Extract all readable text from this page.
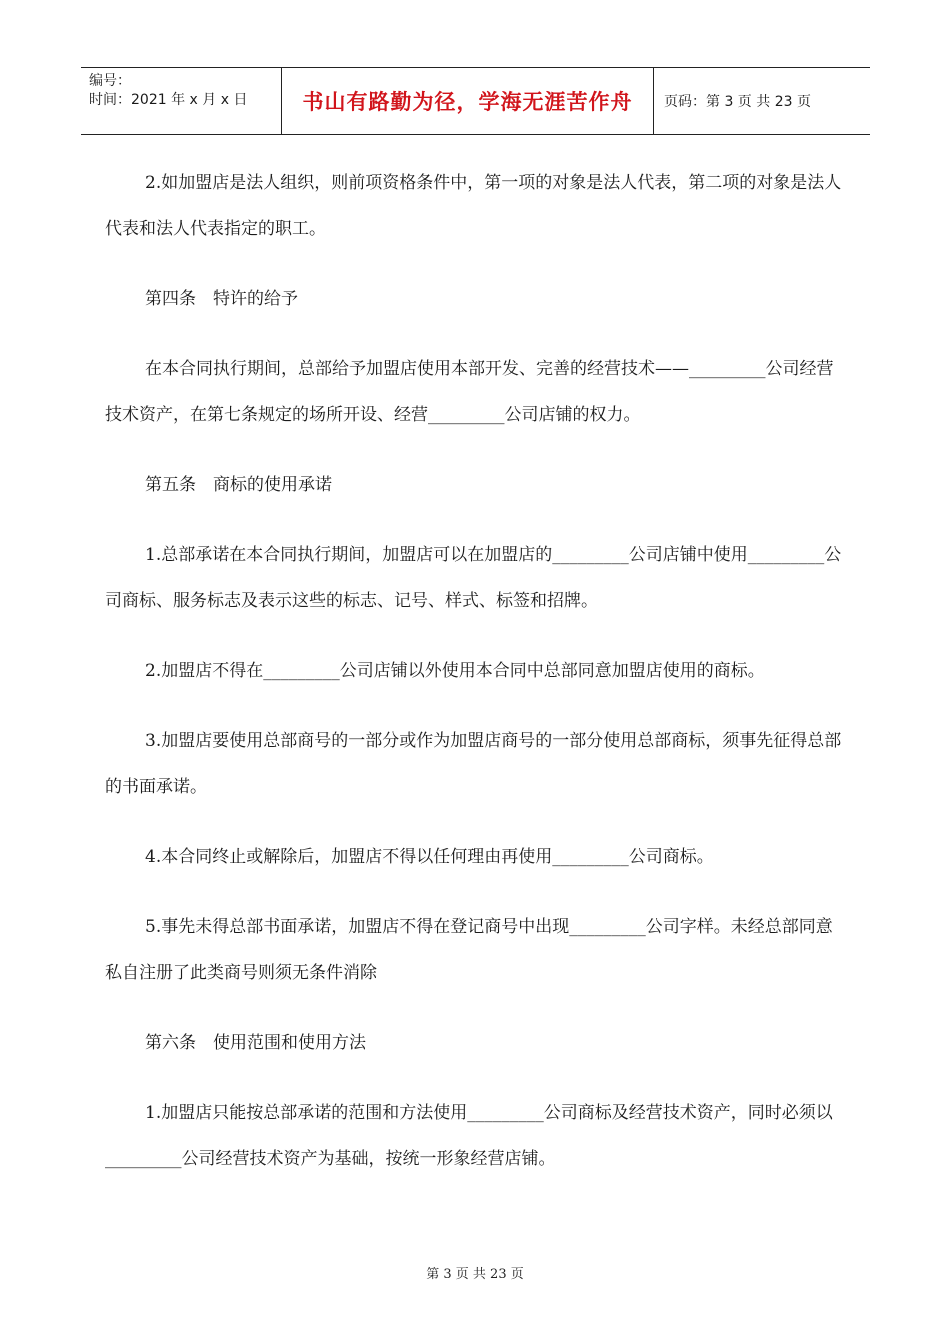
编号：
时间：2021 年 x 月 x 日	书山有路勤为径，学海无涯苦作舟 页码：第 3 页 共 23 页

2.如加盟店是法人组织，则前项资格条件中，第一项的对象是法人代表，第二项的对象是法人代表和法人代表指定的职工。

第四条　特许的给予

在本合同执行期间，总部给予加盟店使用本部开发、完善的经营技术——_________公司经营技术资产，在第七条规定的场所开设、经营_________公司店铺的权力。

第五条　商标的使用承诺

1.总部承诺在本合同执行期间，加盟店可以在加盟店的_________公司店铺中使用_________公司商标、服务标志及表示这些的标志、记号、样式、标签和招牌。

2.加盟店不得在_________公司店铺以外使用本合同中总部同意加盟店使用的商标。

3.加盟店要使用总部商号的一部分或作为加盟店商号的一部分使用总部商标，须事先征得总部的书面承诺。

4.本合同终止或解除后，加盟店不得以任何理由再使用_________公司商标。

5.事先未得总部书面承诺，加盟店不得在登记商号中出现_________公司字样。未经总部同意私自注册了此类商号则须无条件消除

第六条　使用范围和使用方法

1.加盟店只能按总部承诺的范围和方法使用_________公司商标及经营技术资产，同时必须以_________公司经营技术资产为基础，按统一形象经营店铺。

第 3 页 共 23 页
